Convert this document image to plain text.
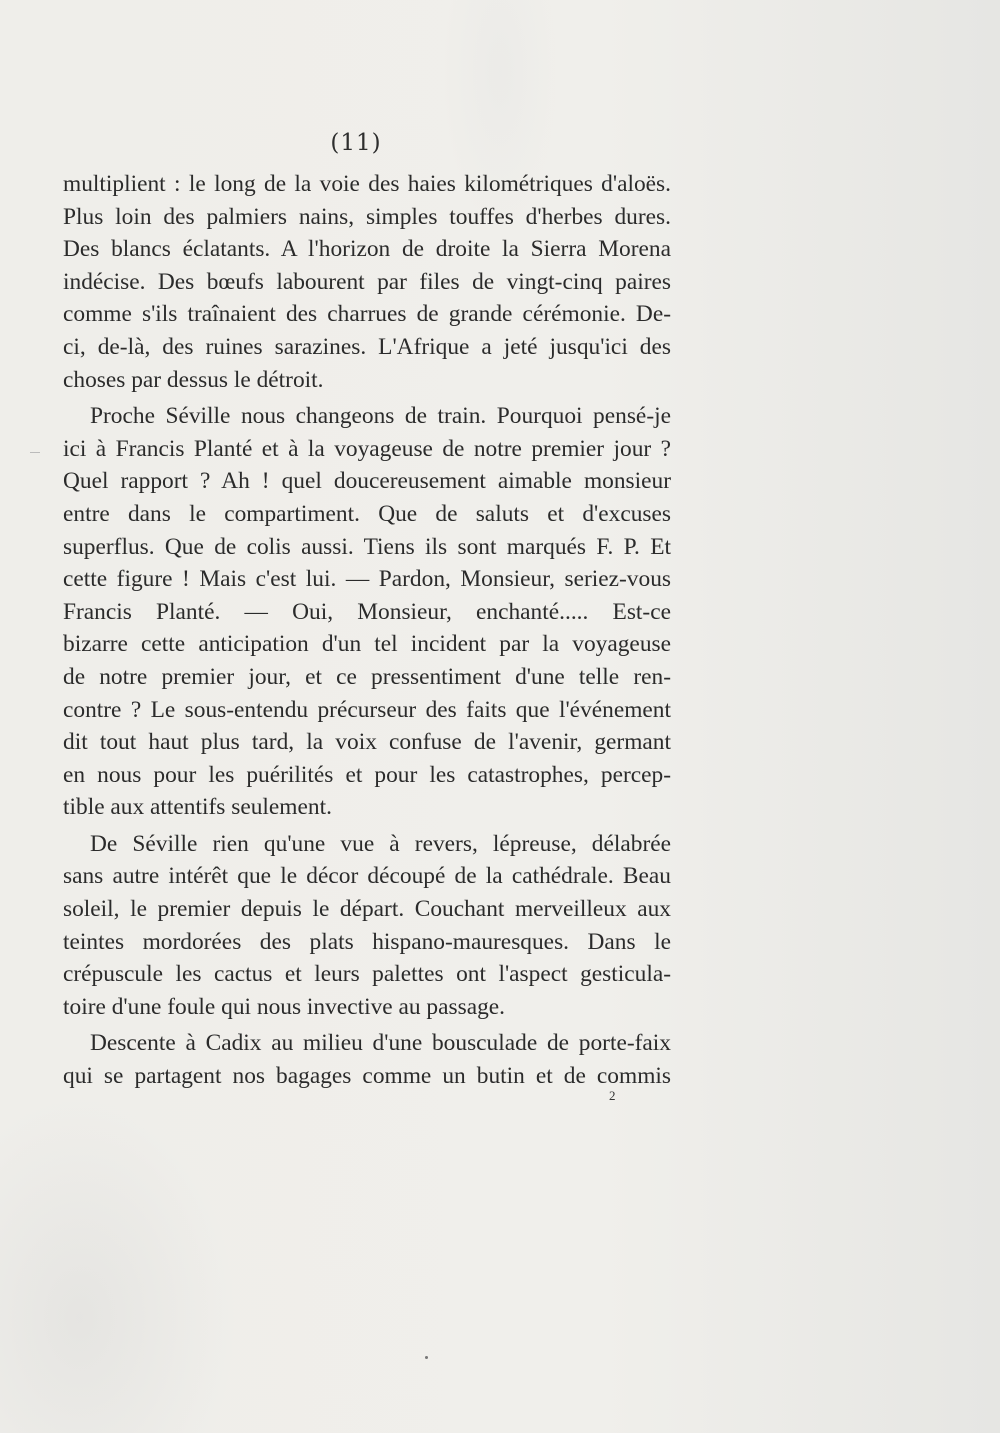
(11)
multiplient : le long de la voie des haies kilométriques d'aloës.
Plus loin des palmiers nains, simples touffes d'herbes dures.
Des blancs éclatants. A l'horizon de droite la Sierra Morena
indécise. Des bœufs labourent par files de vingt-cinq paires
comme s'ils traînaient des charrues de grande cérémonie. De-
ci, de-là, des ruines sarazines. L'Afrique a jeté jusqu'ici des
choses par dessus le détroit.
Proche Séville nous changeons de train. Pourquoi pensé-je
ici à Francis Planté et à la voyageuse de notre premier jour ?
Quel rapport ? Ah ! quel doucereusement aimable monsieur
entre dans le compartiment. Que de saluts et d'excuses
superflus. Que de colis aussi. Tiens ils sont marqués F. P. Et
cette figure ! Mais c'est lui. — Pardon, Monsieur, seriez-vous
Francis Planté. — Oui, Monsieur, enchanté..... Est-ce
bizarre cette anticipation d'un tel incident par la voyageuse
de notre premier jour, et ce pressentiment d'une telle ren-
contre ? Le sous-entendu précurseur des faits que l'événement
dit tout haut plus tard, la voix confuse de l'avenir, germant
en nous pour les puérilités et pour les catastrophes, percep-
tible aux attentifs seulement.
De Séville rien qu'une vue à revers, lépreuse, délabrée
sans autre intérêt que le décor découpé de la cathédrale. Beau
soleil, le premier depuis le départ. Couchant merveilleux aux
teintes mordorées des plats hispano-mauresques. Dans le
crépuscule les cactus et leurs palettes ont l'aspect gesticula-
toire d'une foule qui nous invective au passage.
Descente à Cadix au milieu d'une bousculade de porte-faix
qui se partagent nos bagages comme un butin et de commis
2
